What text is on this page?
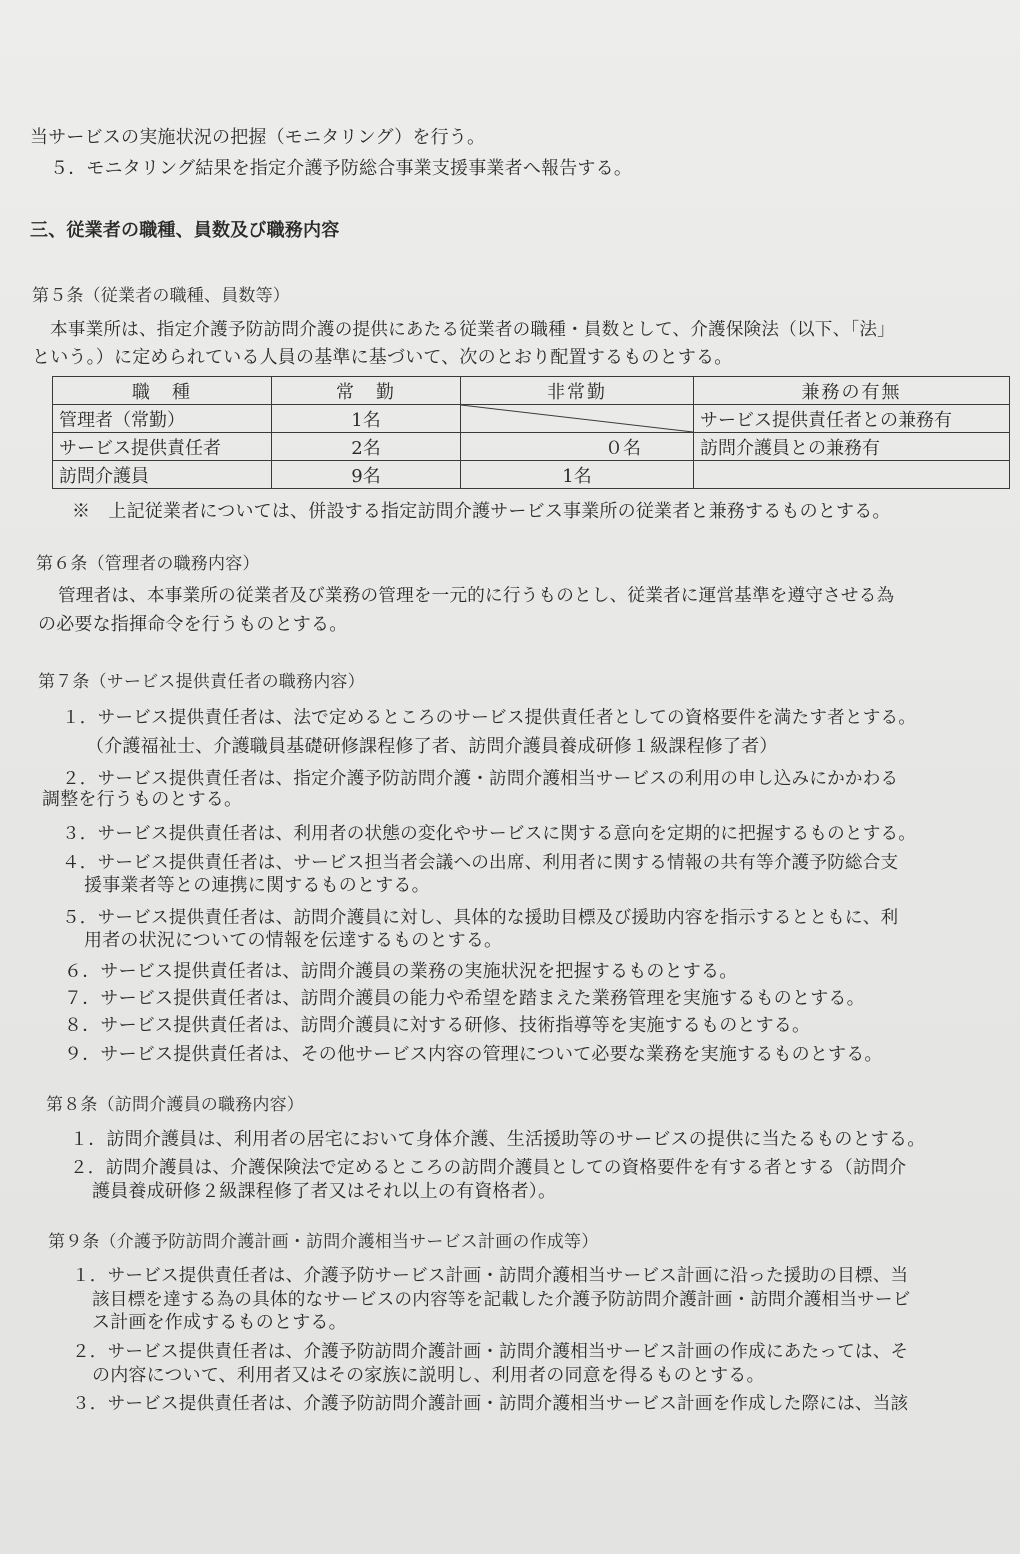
当サービスの実施状況の把握（モニタリング）を行う。
５．モニタリング結果を指定介護予防総合事業支援事業者へ報告する。
三、従業者の職種、員数及び職務内容
第５条（従業者の職種、員数等）
本事業所は、指定介護予防訪問介護の提供にあたる従業者の職種・員数として、介護保険法（以下、「法」
という。）に定められている人員の基準に基づいて、次のとおり配置するものとする。
職　種	常　勤	非常勤	兼務の有無
管理者（常勤）	1名		サービス提供責任者との兼務有
サービス提供責任者	2名	０名	訪問介護員との兼務有
訪問介護員	9名	1名	
※　上記従業者については、併設する指定訪問介護サービス事業所の従業者と兼務するものとする。
第６条（管理者の職務内容）
管理者は、本事業所の従業者及び業務の管理を一元的に行うものとし、従業者に運営基準を遵守させる為
の必要な指揮命令を行うものとする。
第７条（サービス提供責任者の職務内容）
１．サービス提供責任者は、法で定めるところのサービス提供責任者としての資格要件を満たす者とする。
（介護福祉士、介護職員基礎研修課程修了者、訪問介護員養成研修１級課程修了者）
２．サービス提供責任者は、指定介護予防訪問介護・訪問介護相当サービスの利用の申し込みにかかわる
調整を行うものとする。
３．サービス提供責任者は、利用者の状態の変化やサービスに関する意向を定期的に把握するものとする。
４．サービス提供責任者は、サービス担当者会議への出席、利用者に関する情報の共有等介護予防総合支
援事業者等との連携に関するものとする。
５．サービス提供責任者は、訪問介護員に対し、具体的な援助目標及び援助内容を指示するとともに、利
用者の状況についての情報を伝達するものとする。
６．サービス提供責任者は、訪問介護員の業務の実施状況を把握するものとする。
７．サービス提供責任者は、訪問介護員の能力や希望を踏まえた業務管理を実施するものとする。
８．サービス提供責任者は、訪問介護員に対する研修、技術指導等を実施するものとする。
９．サービス提供責任者は、その他サービス内容の管理について必要な業務を実施するものとする。
第８条（訪問介護員の職務内容）
１．訪問介護員は、利用者の居宅において身体介護、生活援助等のサービスの提供に当たるものとする。
２．訪問介護員は、介護保険法で定めるところの訪問介護員としての資格要件を有する者とする（訪問介
護員養成研修２級課程修了者又はそれ以上の有資格者）。
第９条（介護予防訪問介護計画・訪問介護相当サービス計画の作成等）
１．サービス提供責任者は、介護予防サービス計画・訪問介護相当サービス計画に沿った援助の目標、当
該目標を達する為の具体的なサービスの内容等を記載した介護予防訪問介護計画・訪問介護相当サービ
ス計画を作成するものとする。
２．サービス提供責任者は、介護予防訪問介護計画・訪問介護相当サービス計画の作成にあたっては、そ
の内容について、利用者又はその家族に説明し、利用者の同意を得るものとする。
３．サービス提供責任者は、介護予防訪問介護計画・訪問介護相当サービス計画を作成した際には、当該
